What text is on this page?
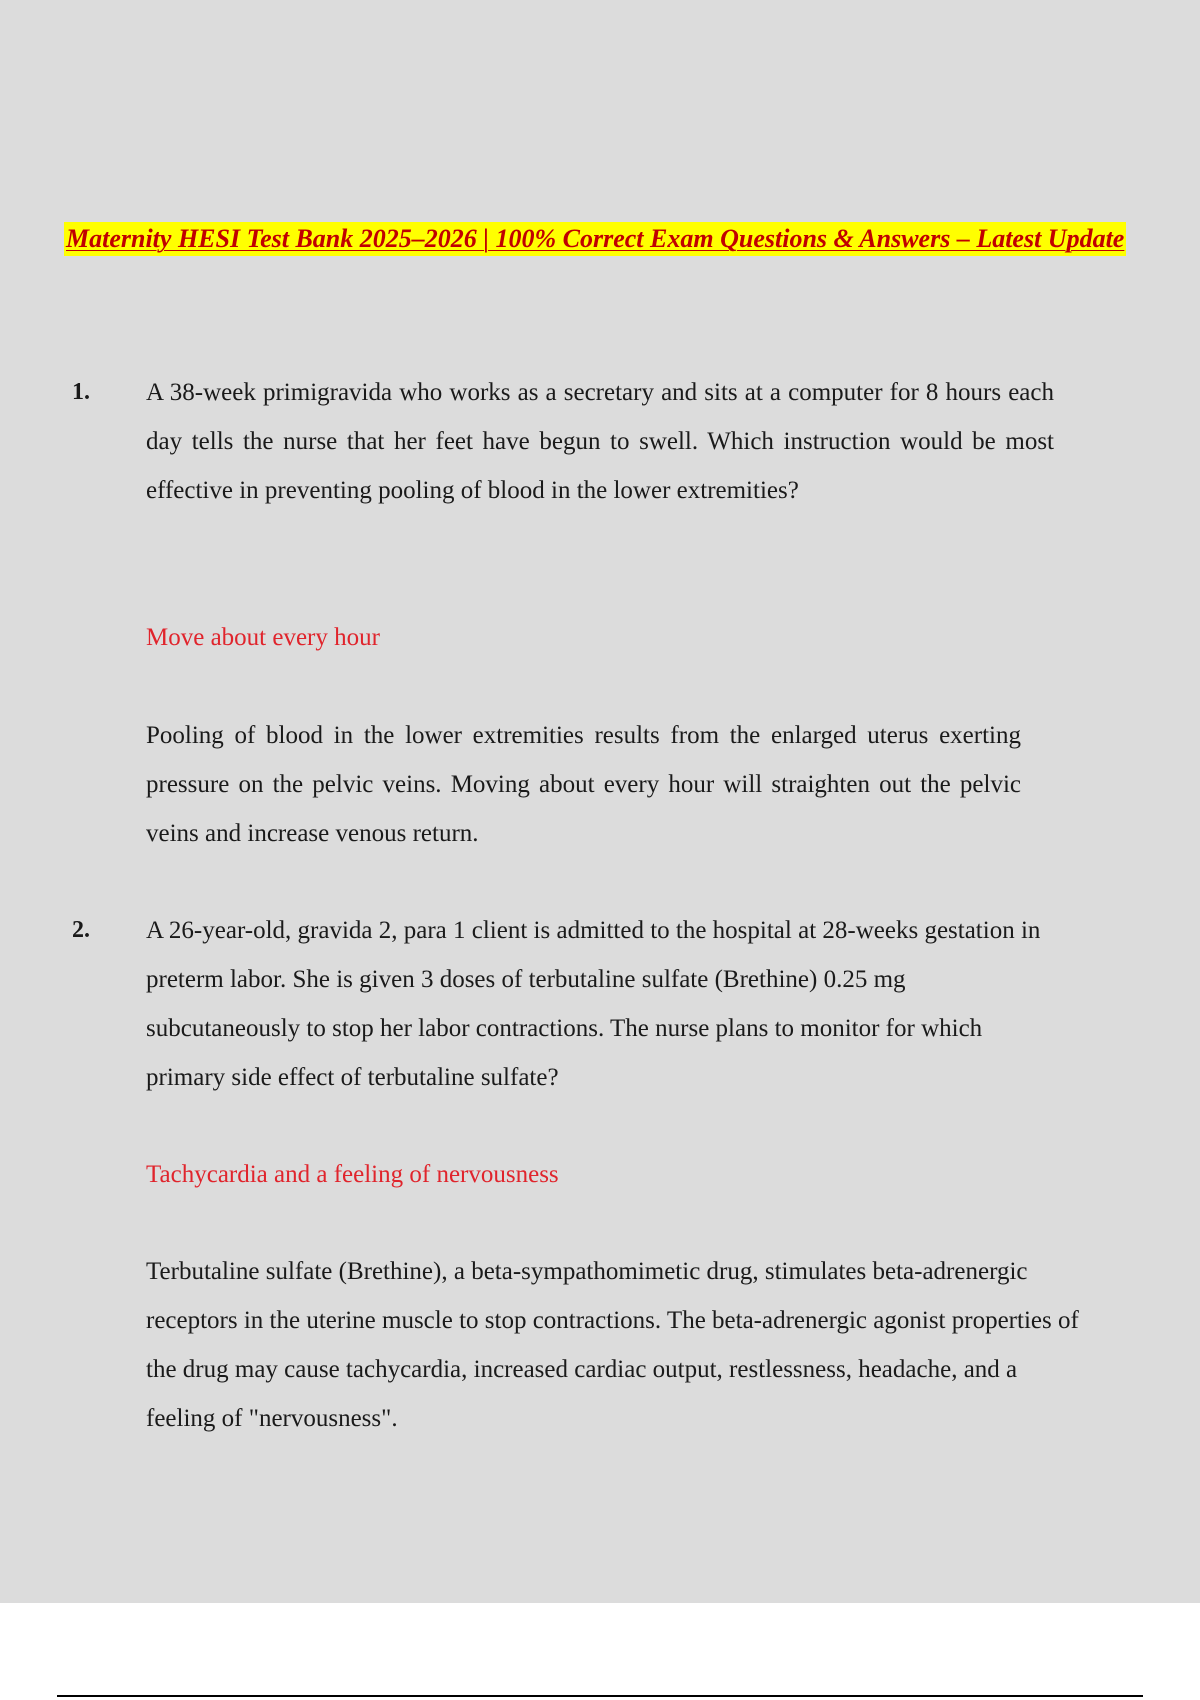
Maternity HESI Test Bank 2025–2026 | 100% Correct Exam Questions & Answers – Latest Update
1. A 38-week primigravida who works as a secretary and sits at a computer for 8 hours each day tells the nurse that her feet have begun to swell. Which instruction would be most effective in preventing pooling of blood in the lower extremities?
Move about every hour
Pooling of blood in the lower extremities results from the enlarged uterus exerting pressure on the pelvic veins. Moving about every hour will straighten out the pelvic veins and increase venous return.
2. A 26-year-old, gravida 2, para 1 client is admitted to the hospital at 28-weeks gestation in preterm labor. She is given 3 doses of terbutaline sulfate (Brethine) 0.25 mg subcutaneously to stop her labor contractions. The nurse plans to monitor for which primary side effect of terbutaline sulfate?
Tachycardia and a feeling of nervousness
Terbutaline sulfate (Brethine), a beta-sympathomimetic drug, stimulates beta-adrenergic receptors in the uterine muscle to stop contractions. The beta-adrenergic agonist properties of the drug may cause tachycardia, increased cardiac output, restlessness, headache, and a feeling of "nervousness".
